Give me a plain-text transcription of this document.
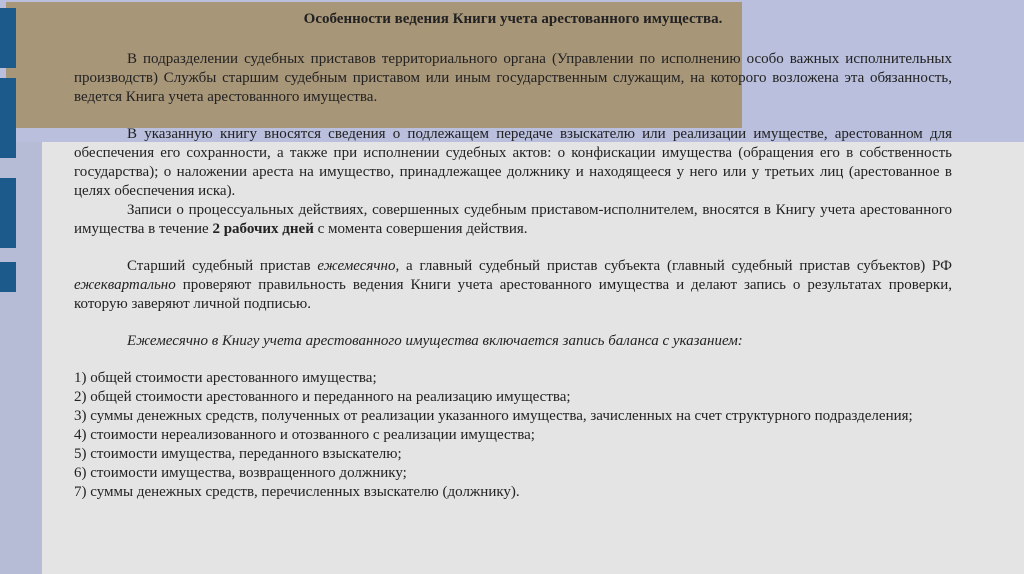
Особенности ведения Книги учета арестованного имущества.

В подразделении судебных приставов территориального органа (Управлении по исполнению особо важных исполнительных производств) Службы старшим судебным приставом или иным государственным служащим, на которого возложена эта обязанность, ведется Книга учета арестованного имущества.

В указанную книгу вносятся сведения о подлежащем передаче взыскателю или реализации имуществе, арестованном для обеспечения его сохранности, а также при исполнении судебных актов: о конфискации имущества (обращения его в собственность государства); о наложении ареста на имущество, принадлежащее должнику и находящееся у него или у третьих лиц (арестованное в целях обеспечения иска).

Записи о процессуальных действиях, совершенных судебным приставом-исполнителем, вносятся в Книгу учета арестованного имущества в течение 2 рабочих дней с момента совершения действия.

Старший судебный пристав ежемесячно, а главный судебный пристав субъекта (главный судебный пристав субъектов) РФ ежеквартально проверяют правильность ведения Книги учета арестованного имущества и делают запись о результатах проверки, которую заверяют личной подписью.

Ежемесячно в Книгу учета арестованного имущества включается запись баланса с указанием:

1) общей стоимости арестованного имущества;

2) общей стоимости арестованного и переданного на реализацию имущества;

3) суммы денежных средств, полученных от реализации указанного имущества, зачисленных на счет структурного подразделения;

4) стоимости нереализованного и отозванного с реализации имущества;

5) стоимости имущества, переданного взыскателю;

6) стоимости имущества, возвращенного должнику;

7) суммы денежных средств, перечисленных взыскателю (должнику).
